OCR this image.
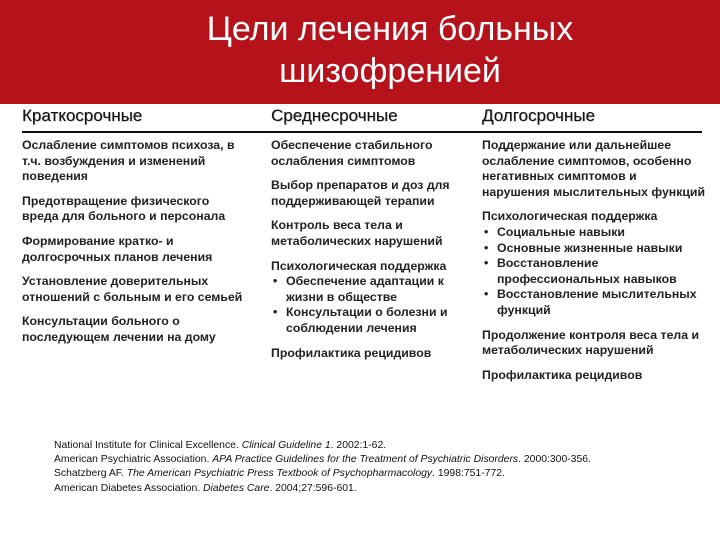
Цели лечения больных
шизофренией
Краткосрочные	Среднесрочные	Долгосрочные

Ослабление симптомов психоза, в т.ч. возбуждения и изменений поведения

Предотвращение физического вреда для больного и персонала

Формирование кратко- и долгосрочных планов лечения

Установление доверительных отношений с больным и его семьей

Консультации больного о последующем лечении на дому

Обеспечение стабильного ослабления симптомов

Выбор препаратов и доз для поддерживающей терапии

Контроль веса тела и метаболических нарушений

Психологическая поддержка
• Обеспечение адаптации к жизни в обществе
• Консультации о болезни и соблюдении лечения

Профилактика рецидивов

Поддержание или дальнейшее ослабление симптомов, особенно негативных симптомов и нарушения мыслительных функций

Психологическая поддержка
• Социальные навыки
• Основные жизненные навыки
• Восстановление профессиональных навыков
• Восстановление мыслительных функций

Продолжение контроля веса тела и метаболических нарушений

Профилактика рецидивов

National Institute for Clinical Excellence. Clinical Guideline 1. 2002:1-62.
American Psychiatric Association. APA Practice Guidelines for the Treatment of Psychiatric Disorders. 2000:300-356.
Schatzberg AF. The American Psychiatric Press Textbook of Psychopharmacology. 1998:751-772.
American Diabetes Association. Diabetes Care. 2004;27:596-601.
